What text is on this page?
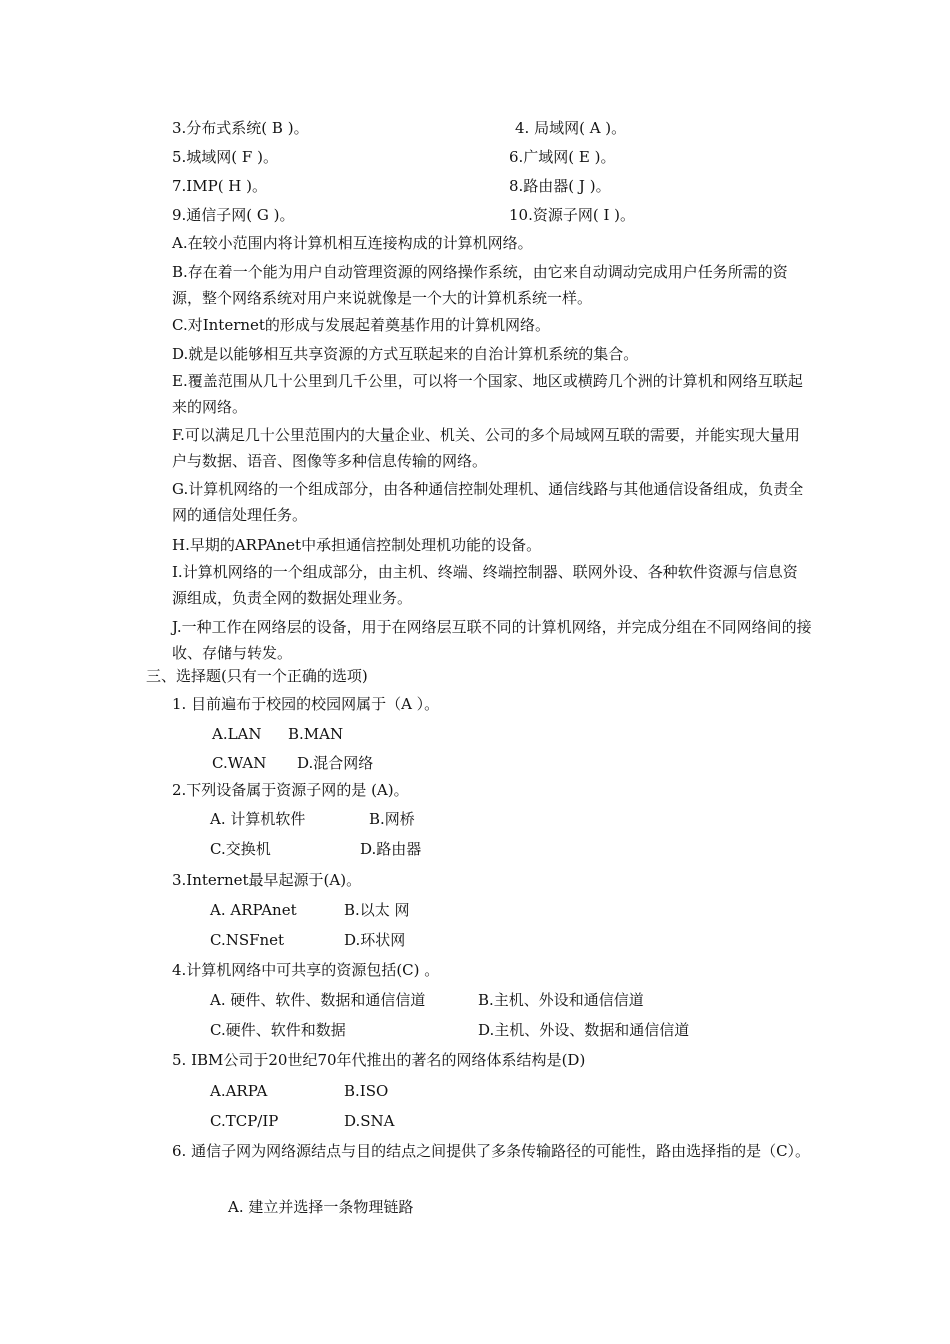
3.分布式系统( B )。	4. 局域网( A )。
5.城域网( F )。	6.广域网( E )。
7.IMP( H )。	8.路由器( J )。
9.通信子网( G )。	10.资源子网( I )。
A.在较小范围内将计算机相互连接构成的计算机网络。
B.存在着一个能为用户自动管理资源的网络操作系统，由它来自动调动完成用户任务所需的资源，整个网络系统对用户来说就像是一个大的计算机系统一样。
C.对Internet的形成与发展起着奠基作用的计算机网络。
D.就是以能够相互共享资源的方式互联起来的自治计算机系统的集合。
E.覆盖范围从几十公里到几千公里，可以将一个国家、地区或横跨几个洲的计算机和网络互联起来的网络。
F.可以满足几十公里范围内的大量企业、机关、公司的多个局域网互联的需要，并能实现大量用户与数据、语音、图像等多种信息传输的网络。
G.计算机网络的一个组成部分，由各种通信控制处理机、通信线路与其他通信设备组成，负责全网的通信处理任务。
H.早期的ARPAnet中承担通信控制处理机功能的设备。
I.计算机网络的一个组成部分，由主机、终端、终端控制器、联网外设、各种软件资源与信息资源组成，负责全网的数据处理业务。
J.一种工作在网络层的设备，用于在网络层互联不同的计算机网络，并完成分组在不同网络间的接收、存储与转发。
三、选择题(只有一个正确的选项)
1. 目前遍布于校园的校园网属于（A ）。
A.LAN B.MAN
C.WAN D.混合网络
2.下列设备属于资源子网的是 (A)。
A. 计算机软件	B.网桥
C.交换机	D.路由器
3.Internet最早起源于(A)。
A. ARPAnet	B.以太 网
C.NSFnet	D.环状网
4.计算机网络中可共享的资源包括(C) 。
A. 硬件、软件、数据和通信信道	B.主机、外设和通信信道
C.硬件、软件和数据	D.主机、外设、数据和通信信道
5. IBM公司于20世纪70年代推出的著名的网络体系结构是(D)
A.ARPA	B.ISO
C.TCP/IP	D.SNA
6. 通信子网为网络源结点与目的结点之间提供了多条传输路径的可能性，路由选择指的是（C）。
A. 建立并选择一条物理链路
